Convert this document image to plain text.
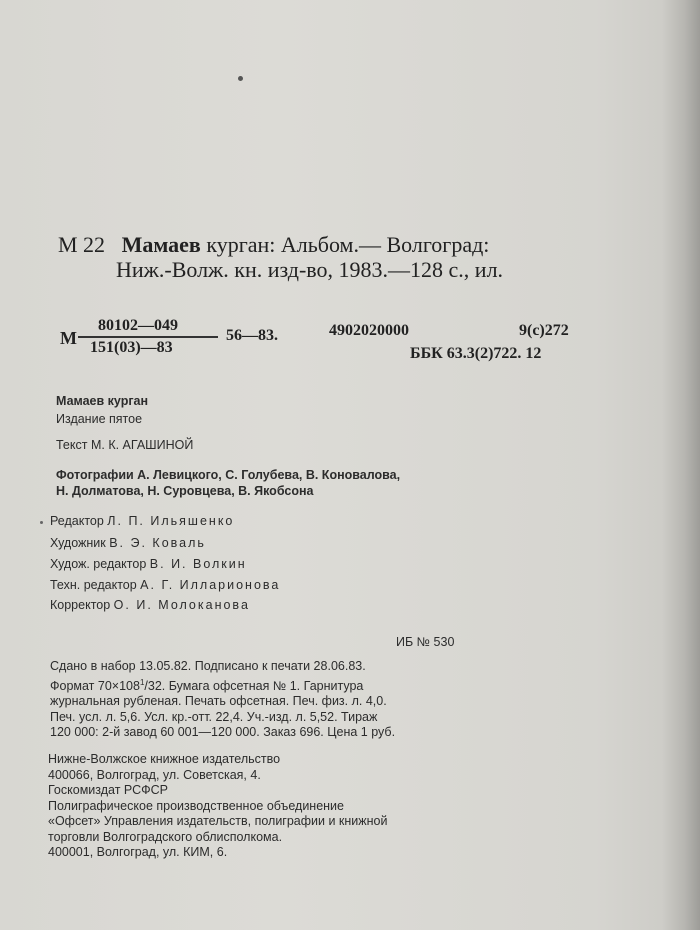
М 22 Мамаев курган: Альбом.— Волгоград:
Ниж.-Волж. кн. изд-во, 1983.—128 с., ил.
М
80102—049
151(03)—83
56—83.	4902020000	9(с)272
ББК 63.3(2)722. 12
Мамаев курган
Издание пятое
Текст М. К. АГАШИНОЙ
Фотографии А. Левицкого, С. Голубева, В. Коновалова,
Н. Долматова, Н. Суровцева, В. Якобсона
Редактор Л. П. Ильяшенко
Художник В. Э. Коваль
Худож. редактор В. И. Волкин
Техн. редактор А. Г. Илларионова
Корректор О. И. Молоканова
ИБ № 530
Сдано в набор 13.05.82. Подписано к печати 28.06.83.
Формат $70\times 108^1/32$. Бумага офсетная № 1. Гарнитура
журнальная рубленая. Печать офсетная. Печ. физ. л. 4,0.
Печ. усл. л. 5,6. Усл. кр.-отт. 22,4. Уч.-изд. л. 5,52. Тираж
120 000: 2-й завод 60 001—120 000. Заказ 696. Цена 1 руб.
Нижне-Волжское книжное издательство
400066, Волгоград, ул. Советская, 4.
Госкомиздат РСФСР
Полиграфическое производственное объединение
«Офсет» Управления издательств, полиграфии и книжной
торговли Волгоградского облисполкома.
400001, Волгоград, ул. КИМ, 6.
